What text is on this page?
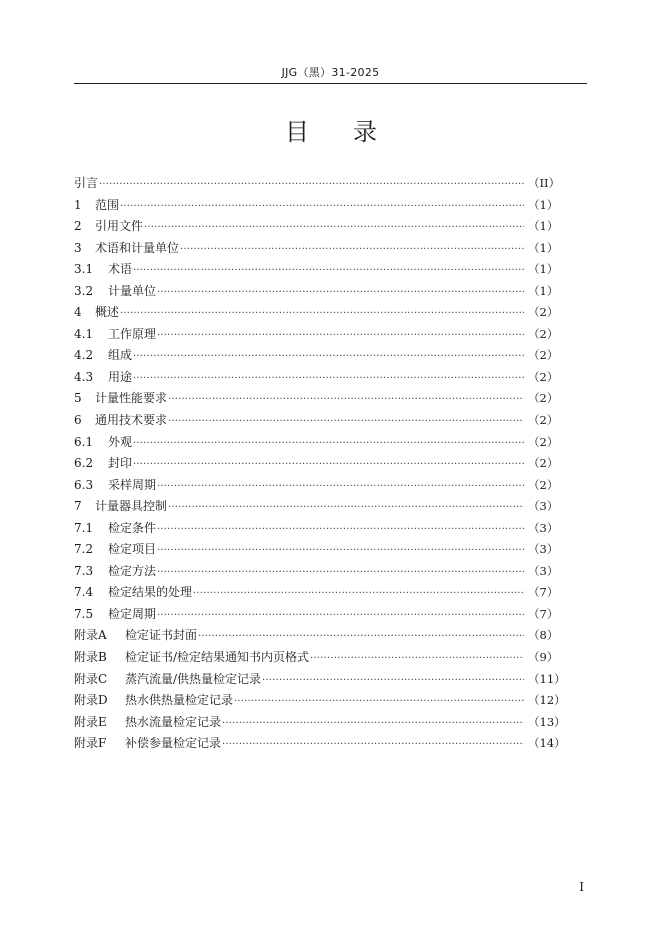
JJG（黑）31-2025
目录
引言 ·····	（II）
1	范围 ·····	（1）
2	引用文件 ·····	（1）
3	术语和计量单位 ·····	（1）
3.1	术语 ·····	（1）
3.2	计量单位 ·····	（1）
4	概述 ·····	（2）
4.1	工作原理 ·····	（2）
4.2	组成 ·····	（2）
4.3	用途 ·····	（2）
5	计量性能要求 ·····	（2）
6	通用技术要求 ·····	（2）
6.1	外观 ·····	（2）
6.2	封印 ·····	（2）
6.3	采样周期 ·····	（2）
7	计量器具控制 ·····	（3）
7.1	检定条件 ·····	（3）
7.2	检定项目 ·····	（3）
7.3	检定方法 ·····	（3）
7.4	检定结果的处理 ·····	（7）
7.5	检定周期 ·····	（7）
附录A	检定证书封面 ·····	（8）
附录B	检定证书/检定结果通知书内页格式 ·····	（9）
附录C	蒸汽流量/供热量检定记录 ·····	（11）
附录D	热水供热量检定记录 ·····	（12）
附录E	热水流量检定记录 ·····	（13）
附录F	补偿参量检定记录 ·····	（14）
I
